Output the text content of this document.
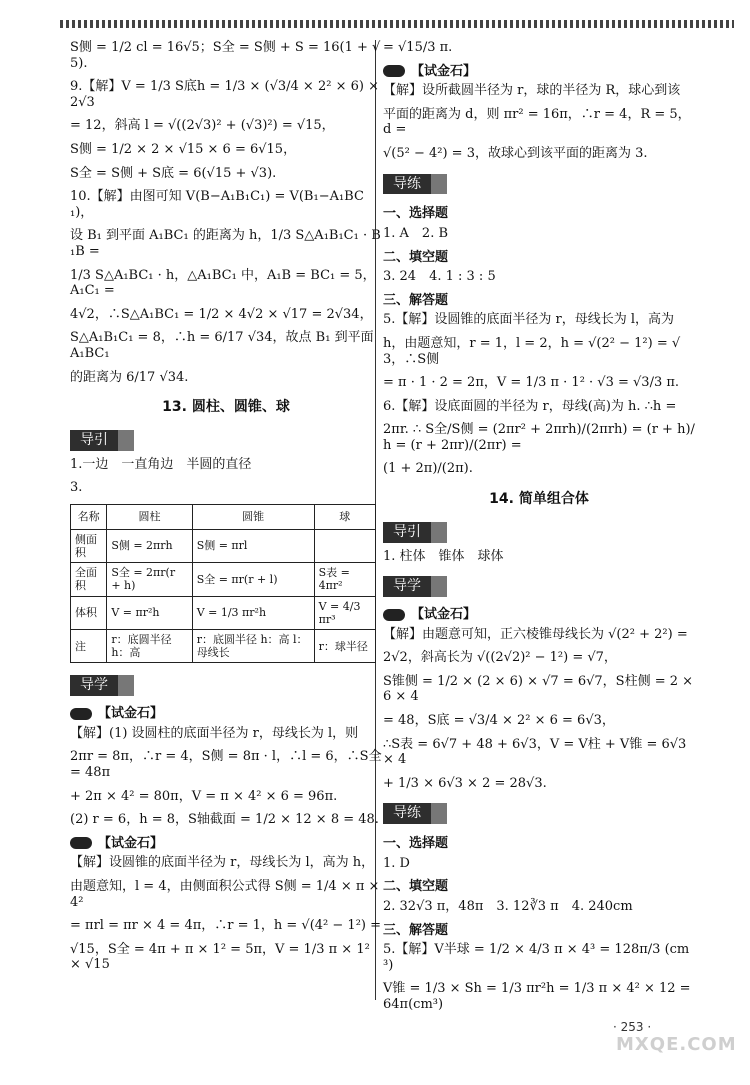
S侧 = 1/2 cl = 16√5；S全 = S侧 + S = 16(1 + √5).
9.【解】V = 1/3 S底h = 1/3 × (√3/4 × 2² × 6) × 2√3
= 12，斜高 l = √((2√3)² + (√3)²) = √15，
S侧 = 1/2 × 2 × √15 × 6 = 6√15，
S全 = S侧 + S底 = 6(√15 + √3).
10.【解】由图可知 V(B−A₁B₁C₁) = V(B₁−A₁BC₁)，
设 B₁ 到平面 A₁BC₁ 的距离为 h，1/3 S△A₁B₁C₁ · B₁B =
1/3 S△A₁BC₁ · h，△A₁BC₁ 中，A₁B = BC₁ = 5，A₁C₁ =
4√2，∴S△A₁BC₁ = 1/2 × 4√2 × √17 = 2√34，
S△A₁B₁C₁ = 8，∴h = 6/17 √34，故点 B₁ 到平面 A₁BC₁
的距离为 6/17 √34.
13. 圆柱、圆锥、球
导引
1.一边　一直角边　半圆的直径
3.
名称	圆柱	圆锥	球
侧面积	S侧 = 2πrh	S侧 = πrl	
全面积	S全 = 2πr(r + h)	S全 = πr(r + l)	S表 = 4πr²
体积	V = πr²h	V = 1/3 πr²h	V = 4/3 πr³
注	r：底圆半径 h：高	r：底圆半径 h：高 l：母线长	r：球半径
导学
【试金石】
【解】(1) 设圆柱的底面半径为 r，母线长为 l，则
2πr = 8π，∴r = 4，S侧 = 8π · l，∴l = 6，∴S全 = 48π
+ 2π × 4² = 80π，V = π × 4² × 6 = 96π.
(2) r = 6，h = 8，S轴截面 = 1/2 × 12 × 8 = 48.
【试金石】
【解】设圆锥的底面半径为 r，母线长为 l，高为 h，
由题意知，l = 4，由侧面积公式得 S侧 = 1/4 × π × 4²
= πrl = πr × 4 = 4π，∴r = 1，h = √(4² − 1²) =
√15，S全 = 4π + π × 1² = 5π，V = 1/3 π × 1² × √15
= √15/3 π.
【试金石】
【解】设所截圆半径为 r，球的半径为 R，球心到该
平面的距离为 d，则 πr² = 16π，∴r = 4，R = 5，d =
√(5² − 4²) = 3，故球心到该平面的距离为 3.
导练
一、选择题
1. A　2. B
二、填空题
3. 24　4. 1 : 3 : 5
三、解答题
5.【解】设圆锥的底面半径为 r，母线长为 l，高为
h，由题意知，r = 1，l = 2，h = √(2² − 1²) = √3，∴S侧
= π · 1 · 2 = 2π，V = 1/3 π · 1² · √3 = √3/3 π.
6.【解】设底面圆的半径为 r，母线(高)为 h. ∴h =
2πr. ∴ S全/S侧 = (2πr² + 2πrh)/(2πrh) = (r + h)/h = (r + 2πr)/(2πr) =
(1 + 2π)/(2π).
14. 简单组合体
导引
1. 柱体　锥体　球体
导学
【试金石】
【解】由题意可知，正六棱锥母线长为 √(2² + 2²) =
2√2，斜高长为 √((2√2)² − 1²) = √7，
S锥侧 = 1/2 × (2 × 6) × √7 = 6√7，S柱侧 = 2 × 6 × 4
= 48，S底 = √3/4 × 2² × 6 = 6√3，
∴S表 = 6√7 + 48 + 6√3，V = V柱 + V锥 = 6√3 × 4
+ 1/3 × 6√3 × 2 = 28√3.
导练
一、选择题
1. D
二、填空题
2. 32√3 π，48π　3. 12∛3 π　4. 240cm
三、解答题
5.【解】V半球 = 1/2 × 4/3 π × 4³ = 128π/3 (cm³)
V锥 = 1/3 × Sh = 1/3 πr²h = 1/3 π × 4² × 12 = 64π(cm³)
· 253 ·
MXQE.COM
